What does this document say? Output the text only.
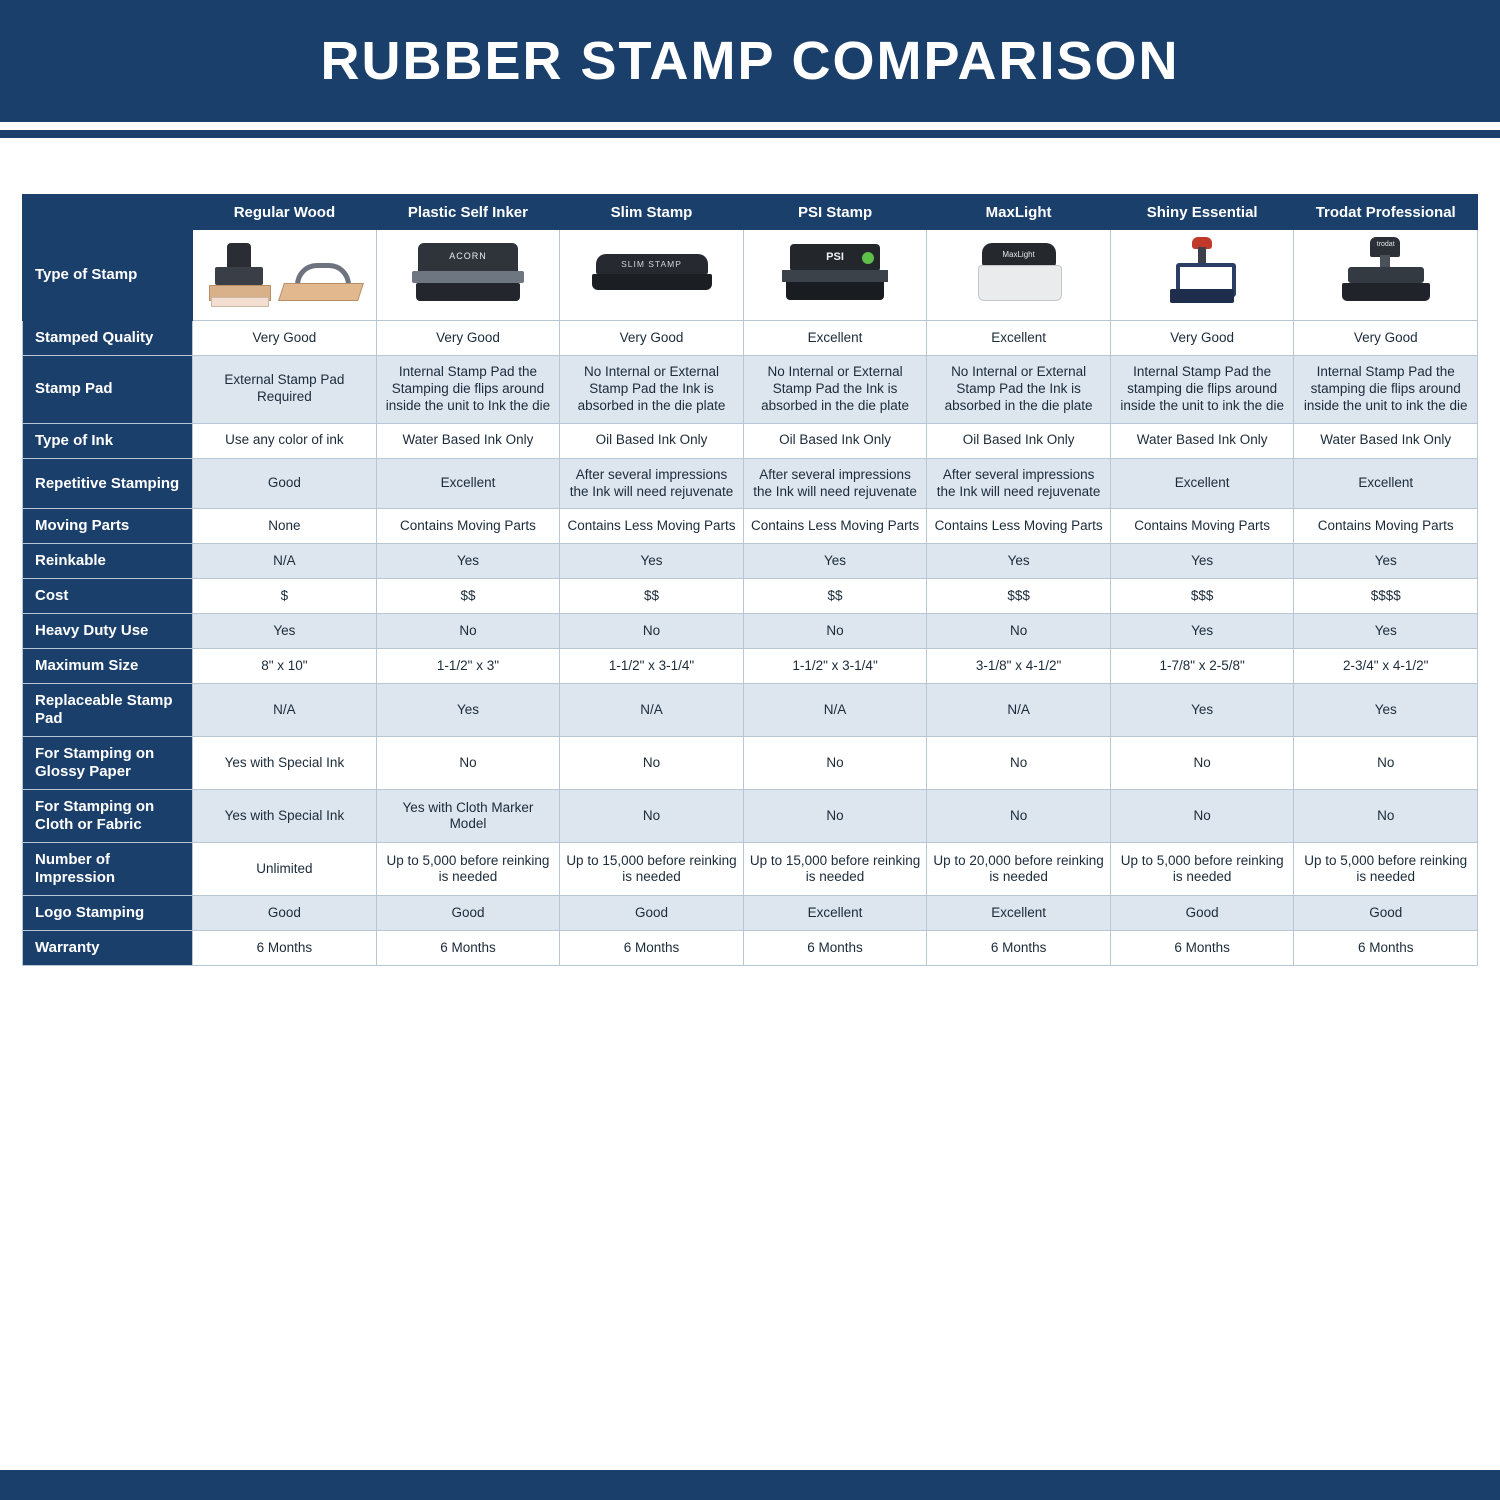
RUBBER STAMP COMPARISON
	Regular Wood	Plastic Self Inker	Slim Stamp	PSI Stamp	MaxLight	Shiny Essential	Trodat Professional
Type of Stamp		ACORN	SLIM STAMP	PSI	MaxLight		trodat

Stamped Quality	Very Good	Very Good	Very Good	Excellent	Excellent	Very Good	Very Good
Stamp Pad	External Stamp Pad Required	Internal Stamp Pad the Stamping die flips around inside the unit to Ink the die	No Internal or External Stamp Pad the Ink is absorbed in the die plate	No Internal or External Stamp Pad the Ink is absorbed in the die plate	No Internal or External Stamp Pad the Ink is absorbed in the die plate	Internal Stamp Pad the stamping die flips around inside the unit to ink the die	Internal Stamp Pad the stamping die flips around inside the unit to ink the die
Type of Ink	Use any color of ink	Water Based Ink Only	Oil Based Ink Only	Oil Based Ink Only	Oil Based Ink Only	Water Based Ink Only	Water Based Ink Only
Repetitive Stamping	Good	Excellent	After several impressions the Ink will need rejuvenate	After several impressions the Ink will need rejuvenate	After several impressions the Ink will need rejuvenate	Excellent	Excellent
Moving Parts	None	Contains Moving Parts	Contains Less Moving Parts	Contains Less Moving Parts	Contains Less Moving Parts	Contains Moving Parts	Contains Moving Parts
Reinkable	N/A	Yes	Yes	Yes	Yes	Yes	Yes
Cost	$	$$	$$	$$	$$$	$$$	$$$$
Heavy Duty Use	Yes	No	No	No	No	Yes	Yes
Maximum Size	8" x 10"	1-1/2" x 3"	1-1/2" x 3-1/4"	1-1/2" x 3-1/4"	3-1/8" x 4-1/2"	1-7/8" x 2-5/8"	2-3/4" x 4-1/2"
Replaceable Stamp Pad	N/A	Yes	N/A	N/A	N/A	Yes	Yes
For Stamping on Glossy Paper	Yes with Special Ink	No	No	No	No	No	No
For Stamping on Cloth or Fabric	Yes with Special Ink	Yes with Cloth Marker Model	No	No	No	No	No
Number of Impression	Unlimited	Up to 5,000 before reinking is needed	Up to 15,000 before reinking is needed	Up to 15,000 before reinking is needed	Up to 20,000 before reinking is needed	Up to 5,000 before reinking is needed	Up to 5,000 before reinking is needed
Logo Stamping	Good	Good	Good	Excellent	Excellent	Good	Good
Warranty	6 Months	6 Months	6 Months	6 Months	6 Months	6 Months	6 Months
